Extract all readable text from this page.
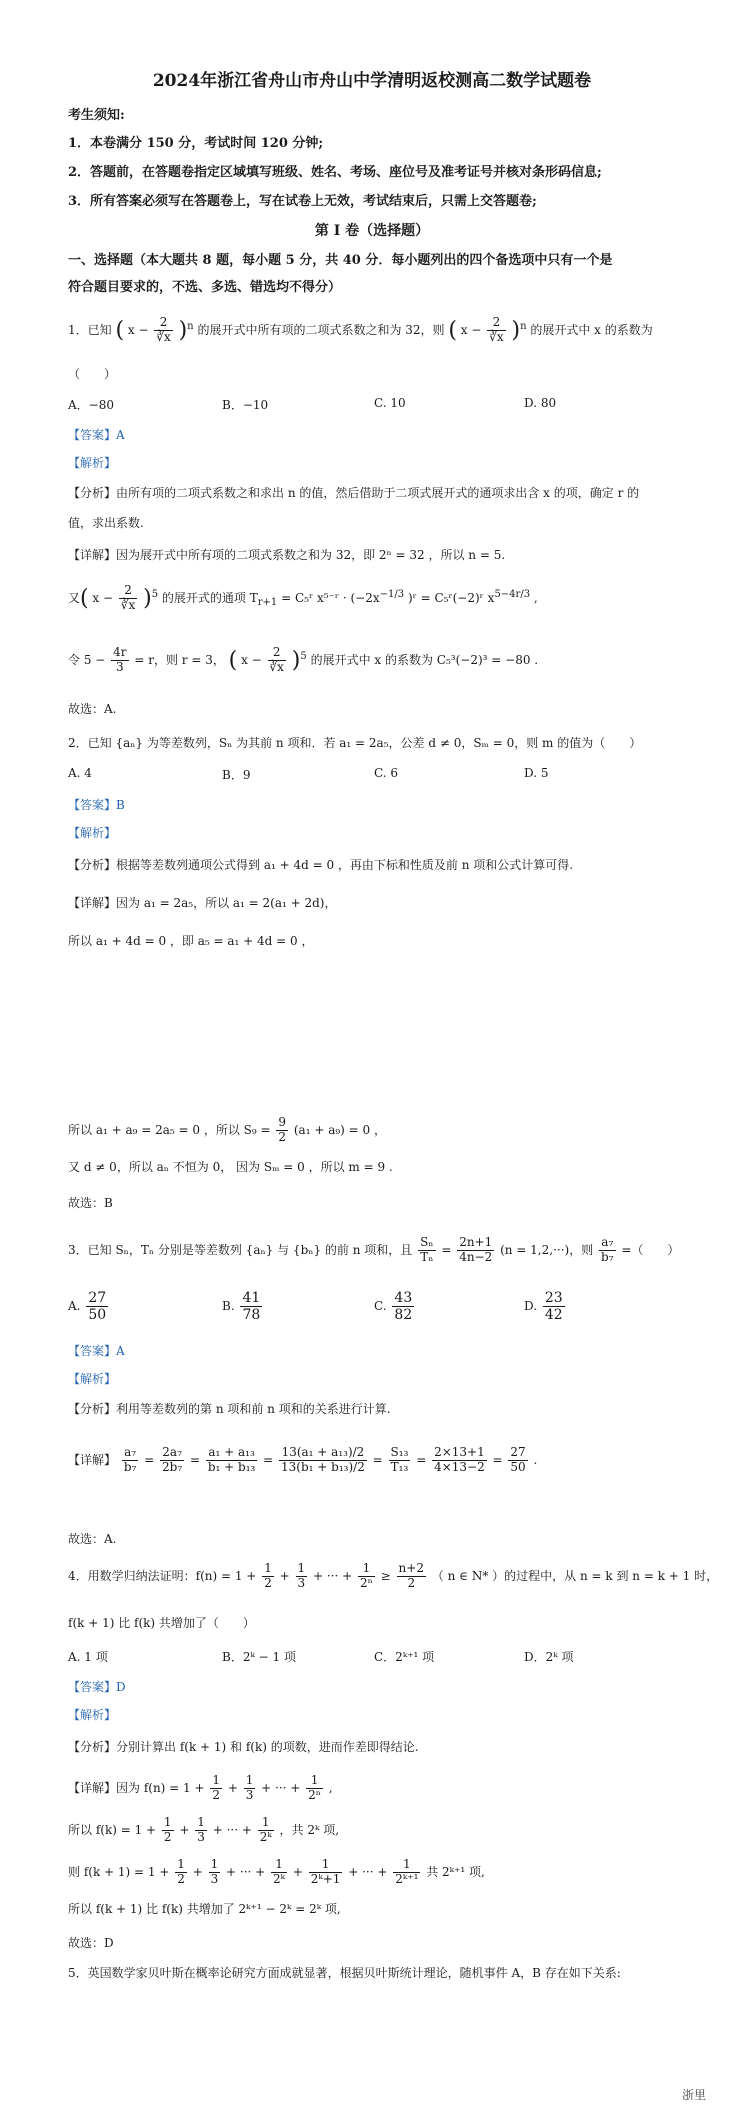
2024年浙江省舟山市舟山中学清明返校测高二数学试题卷
考生须知:
1．本卷满分 150 分，考试时间 120 分钟;
2．答题前，在答题卷指定区域填写班级、姓名、考场、座位号及准考证号并核对条形码信息;
3．所有答案必须写在答题卷上，写在试卷上无效，考试结束后，只需上交答题卷;
第 I 卷（选择题）
一、选择题（本大题共 8 题，每小题 5 分，共 40 分．每小题列出的四个备选项中只有一个是
符合题目要求的，不选、多选、错选均不得分）
1．已知 ( $x - \frac{2}{∛x} )^n$ 的展开式中所有项的二项式系数之和为 32，则 ( $x - \frac{2}{∛x} )^n$ 的展开式中 x 的系数为
（　　）
A．−80	B．−10	C. 10	D. 80
【答案】A
【解析】
【分析】由所有项的二项式系数之和求出 n 的值，然后借助于二项式展开式的通项求出含 x 的项，确定 r 的
值，求出系数.
【详解】因为展开式中所有项的二项式系数之和为 32，即 2ⁿ = 32 ，所以 n = 5.
又( $x - \frac{2}{∛x} )^5$ 的展开式的通项 $T_{r+1}$ = C₅ʳ x⁵⁻ʳ · ($-2x^{-1/3}$ )ʳ = C₅ʳ(−2)ʳ $x^{5-4r/3}$ ,
令 $5 - \frac{4r}{3} = r$，则 r = 3， ( $x - \frac{2}{∛x} )^5$ 的展开式中 x 的系数为 C₅³(−2)³ = −80 .
故选：A.
2．已知 {aₙ} 为等差数列，Sₙ 为其前 n 项和．若 a₁ = 2a₅，公差 d ≠ 0，Sₘ = 0，则 m 的值为（　　）
A. 4	B．9	C. 6	D. 5
【答案】B
【解析】
【分析】根据等差数列通项公式得到 a₁ + 4d = 0 ，再由下标和性质及前 n 项和公式计算可得.
【详解】因为 a₁ = 2a₅，所以 a₁ = 2(a₁ + 2d)，
所以 a₁ + 4d = 0 ，即 a₅ = a₁ + 4d = 0 ，
所以 a₁ + a₉ = 2a₅ = 0 ，所以 $S_9 = \frac{9}{2} (a_1 + a_9) = 0$ ，
又 d ≠ 0，所以 aₙ 不恒为 0， 因为 Sₘ = 0 ，所以 m = 9 .
故选：B
3．已知 Sₙ，Tₙ 分别是等差数列 {aₙ} 与 {bₙ} 的前 n 项和，且 $\frac{\text{Sₙ}}{\text{Tₙ}} = \frac{2n+1}{4n-2} (n = 1,2,\cdot\cdot\cdot)$，则 $\frac{\text{a₇}}{\text{b₇}}$ =（　　）
A. $\frac{27}{50}$	B. $\frac{41}{78}$	C. $\frac{43}{82}$	D. $\frac{23}{42}$
【答案】A
【解析】
【分析】利用等差数列的第 n 项和前 n 项和的关系进行计算.
【详解】 $\frac{\text{a₇}}{\text{b₇}} = \frac{\text{2a₇}}{\text{2b₇}} = \frac{\text{a₁ + a₁₃}}{\text{b₁ + b₁₃}} = \frac{\text{13(a₁ + a₁₃)/2}}{\text{13(b₁ + b₁₃)/2}} = \frac{\text{S₁₃}}{\text{T₁₃}} = \frac{2\times 13+1}{4\times 13-2} = \frac{27}{50}$ .
故选：A.
4．用数学归纳法证明：$f(n) = 1 + \frac{1}{2} + \frac{1}{3}$ + ··· + $\frac{1}{\text{2ⁿ}} \ge \frac{n+2}{2}$ （ n ∈ N* ）的过程中，从 n = k 到 n = k + 1 时，
f(k + 1) 比 f(k) 共增加了（　　）
A. 1 项	B．2ᵏ − 1 项	C．2ᵏ⁺¹ 项	D．2ᵏ 项
【答案】D
【解析】
【分析】分别计算出 f(k + 1) 和 f(k) 的项数，进而作差即得结论.
【详解】因为 $f(n) = 1 + \frac{1}{2} + \frac{1}{3}$ + ··· + $\frac{1}{\text{2ⁿ}}$ ,
所以 $f(k) = 1 + \frac{1}{2} + \frac{1}{3}$ + ··· + $\frac{1}{\text{2ᵏ}}$ ，共 2ᵏ 项,
则 $f(k + 1) = 1 + \frac{1}{2} + \frac{1}{3}$ + ··· + $\frac{1}{\text{2ᵏ}} + \frac{1}{\text{2ᵏ+1}}$ + ··· + $\frac{1}{\text{2ᵏ⁺¹}}$ 共 2ᵏ⁺¹ 项,
所以 f(k + 1) 比 f(k) 共增加了 2ᵏ⁺¹ − 2ᵏ = 2ᵏ 项,
故选：D
5．英国数学家贝叶斯在概率论研究方面成就显著，根据贝叶斯统计理论，随机事件 A，B 存在如下关系:
浙里
